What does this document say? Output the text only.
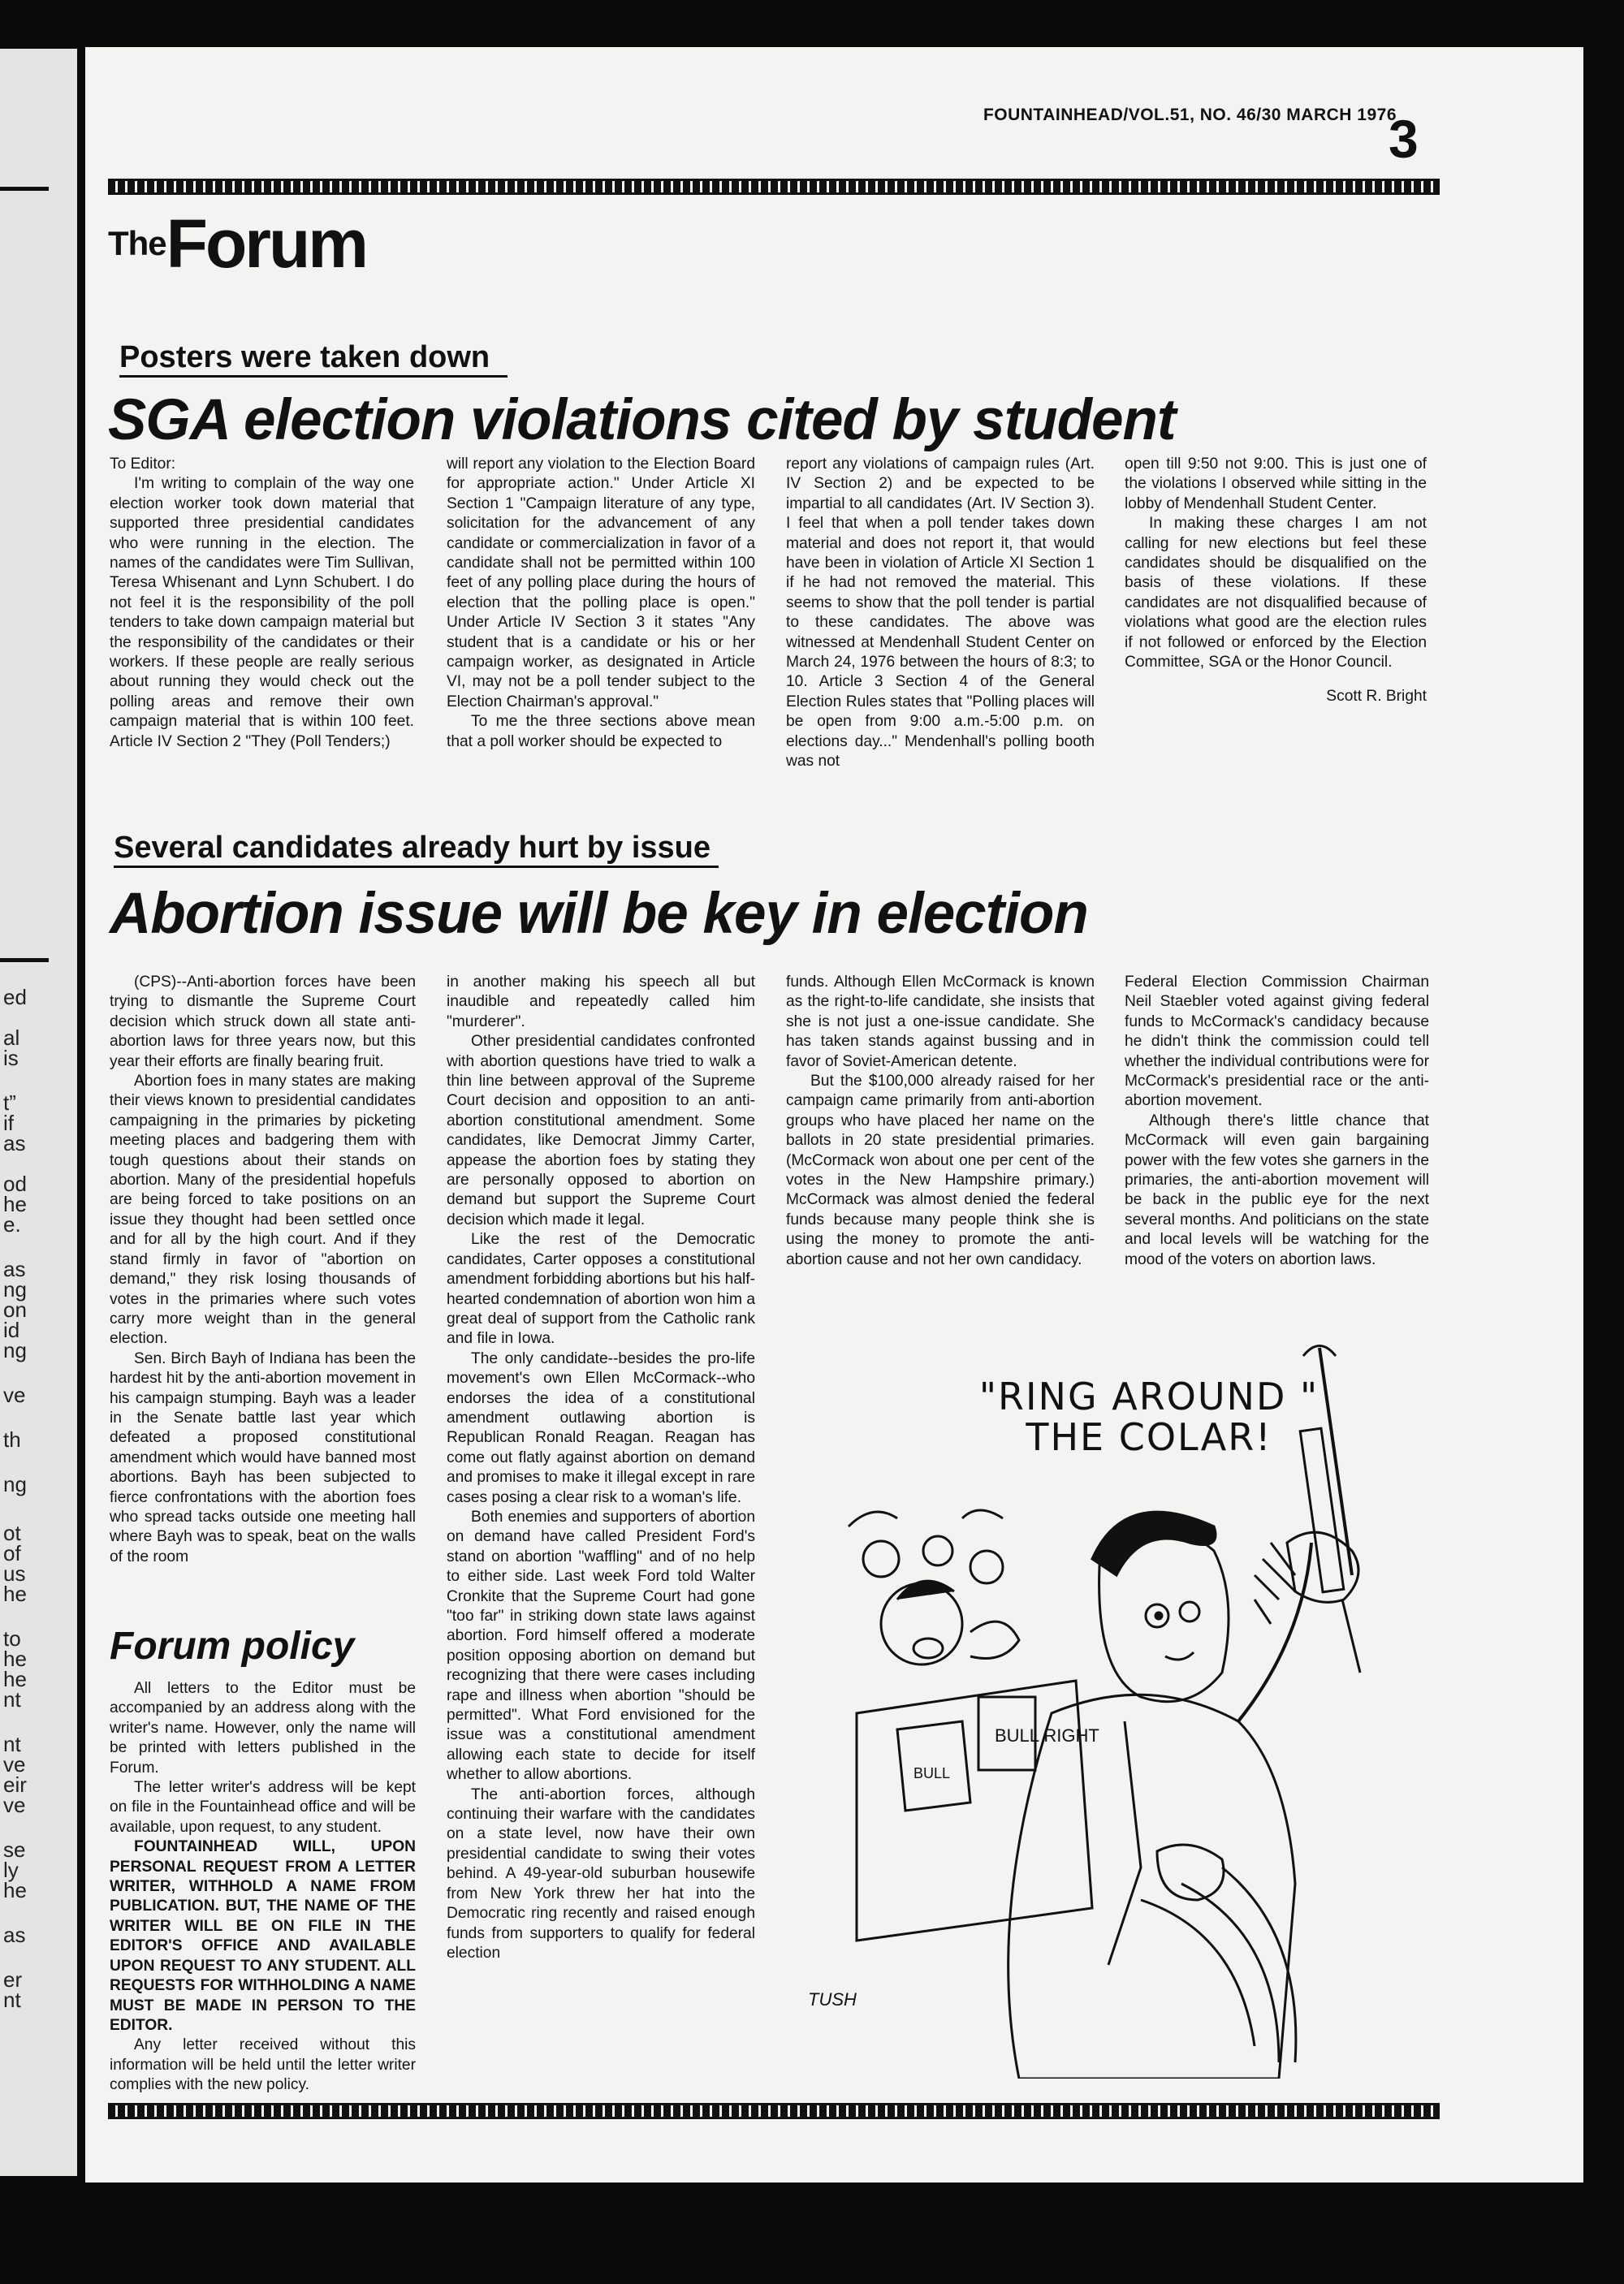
ed
al
is
t”
if
as
od
he
e.
as
ng
on
id
ng
ve
th
ng
ot
of
us
he
to
he
he
nt
nt
ve
eir
ve
se
ly
he
as
er
nt
FOUNTAINHEAD/VOL.51, NO. 46/30 MARCH 1976
3
$^{The}$Forum
Posters were taken down
SGA election violations cited by student

To Editor:

I'm writing to complain of the way one election worker took down material that supported three presidential candidates who were running in the election. The names of the candidates were Tim Sullivan, Teresa Whisenant and Lynn Schubert. I do not feel it is the responsibility of the poll tenders to take down campaign material but the responsibility of the candidates or their workers. If these people are really serious about running they would check out the polling areas and remove their own campaign material that is within 100 feet. Article IV Section 2 "They (Poll Tenders;)

will report any violation to the Election Board for appropriate action." Under Article XI Section 1 "Campaign literature of any type, solicitation for the advancement of any candidate or commercialization in favor of a candidate shall not be permitted within 100 feet of any polling place during the hours of election that the polling place is open." Under Article IV Section 3 it states "Any student that is a candidate or his or her campaign worker, as designated in Article VI, may not be a poll tender subject to the Election Chairman's approval."

To me the three sections above mean that a poll worker should be expected to

report any violations of campaign rules (Art. IV Section 2) and be expected to be impartial to all candidates (Art. IV Section 3). I feel that when a poll tender takes down material and does not report it, that would have been in violation of Article XI Section 1 if he had not removed the material. This seems to show that the poll tender is partial to these candidates. The above was witnessed at Mendenhall Student Center on March 24, 1976 between the hours of 8:3; to 10. Article 3 Section 4 of the General Election Rules states that "Polling places will be open from 9:00 a.m.-5:00 p.m. on elections day..." Mendenhall's polling booth was not

open till 9:50 not 9:00. This is just one of the violations I observed while sitting in the lobby of Mendenhall Student Center.

In making these charges I am not calling for new elections but feel these candidates should be disqualified on the basis of these violations. If these candidates are not disqualified because of violations what good are the election rules if not followed or enforced by the Election Committee, SGA or the Honor Council.

Scott R. Bright

Several candidates already hurt by issue
Abortion issue will be key in election

(CPS)--Anti-abortion forces have been trying to dismantle the Supreme Court decision which struck down all state anti-abortion laws for three years now, but this year their efforts are finally bearing fruit.

Abortion foes in many states are making their views known to presidential candidates campaigning in the primaries by picketing meeting places and badgering them with tough questions about their stands on abortion. Many of the presidential hopefuls are being forced to take positions on an issue they thought had been settled once and for all by the high court. And if they stand firmly in favor of "abortion on demand," they risk losing thousands of votes in the primaries where such votes carry more weight than in the general election.

Sen. Birch Bayh of Indiana has been the hardest hit by the anti-abortion movement in his campaign stumping. Bayh was a leader in the Senate battle last year which defeated a proposed constitutional amendment which would have banned most abortions. Bayh has been subjected to fierce confrontations with the abortion foes who spread tacks outside one meeting hall where Bayh was to speak, beat on the walls of the room

in another making his speech all but inaudible and repeatedly called him "murderer".

Other presidential candidates confronted with abortion questions have tried to walk a thin line between approval of the Supreme Court decision and opposition to an anti-abortion constitutional amendment. Some candidates, like Democrat Jimmy Carter, appease the abortion foes by stating they are personally opposed to abortion on demand but support the Supreme Court decision which made it legal.

Like the rest of the Democratic candidates, Carter opposes a constitutional amendment forbidding abortions but his half-hearted condemnation of abortion won him a great deal of support from the Catholic rank and file in Iowa.

The only candidate--besides the pro-life movement's own Ellen McCormack--who endorses the idea of a constitutional amendment outlawing abortion is Republican Ronald Reagan. Reagan has come out flatly against abortion on demand and promises to make it illegal except in rare cases posing a clear risk to a woman's life.

Both enemies and supporters of abortion on demand have called President Ford's stand on abortion "waffling" and of no help to either side. Last week Ford told Walter Cronkite that the Supreme Court had gone "too far" in striking down state laws against abortion. Ford himself offered a moderate position opposing abortion on demand but recognizing that there were cases including rape and illness when abortion "should be permitted". What Ford envisioned for the issue was a constitutional amendment allowing each state to decide for itself whether to allow abortions.

The anti-abortion forces, although continuing their warfare with the candidates on a state level, now have their own presidential candidate to swing their votes behind. A 49-year-old suburban housewife from New York threw her hat into the Democratic ring recently and raised enough funds from supporters to qualify for federal election

funds. Although Ellen McCormack is known as the right-to-life candidate, she insists that she is not just a one-issue candidate. She has taken stands against bussing and in favor of Soviet-American detente.

But the $100,000 already raised for her campaign came primarily from anti-abortion groups who have placed her name on the ballots in 20 state presidential primaries. (McCormack won about one per cent of the votes in the New Hampshire primary.) McCormack was almost denied the federal funds because many people think she is using the money to promote the anti-abortion cause and not her own candidacy.

Federal Election Commission Chairman Neil Staebler voted against giving federal funds to McCormack's candidacy because he didn't think the commission could tell whether the individual contributions were for McCormack's presidential race or the anti-abortion movement.

Although there's little chance that McCormack will even gain bargaining power with the few votes she garners in the primaries, the anti-abortion movement will be back in the public eye for the next several months. And politicians on the state and local levels will be watching for the mood of the voters on abortion laws.

Forum policy

All letters to the Editor must be accompanied by an address along with the writer's name. However, only the name will be printed with letters published in the Forum.

The letter writer's address will be kept on file in the Fountainhead office and will be available, upon request, to any student.

FOUNTAINHEAD WILL, UPON PERSONAL REQUEST FROM A LETTER WRITER, WITHHOLD A NAME FROM PUBLICATION. BUT, THE NAME OF THE WRITER WILL BE ON FILE IN THE EDITOR'S OFFICE AND AVAILABLE UPON REQUEST TO ANY STUDENT. ALL REQUESTS FOR WITHHOLDING A NAME MUST BE MADE IN PERSON TO THE EDITOR.

Any letter received without this information will be held until the letter writer complies with the new policy.

BULL RIGHT
BULL
TUSH
"RING AROUND "
THE COLAR!
